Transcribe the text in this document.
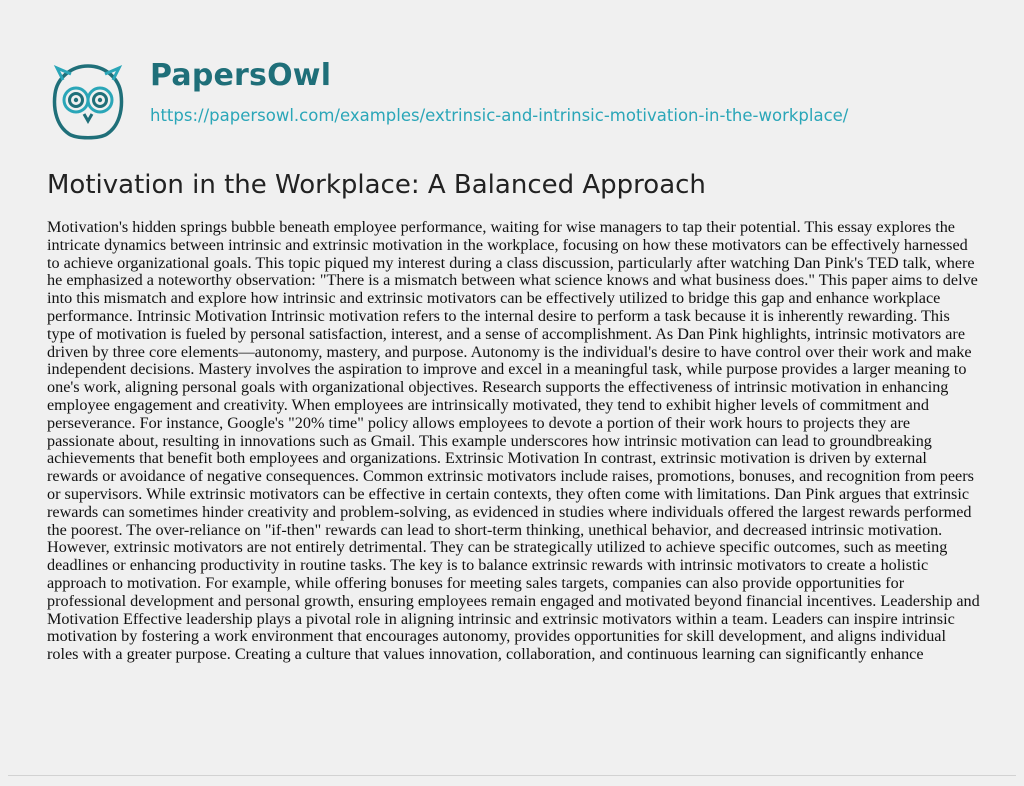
PapersOwl
https://papersowl.com/examples/extrinsic-and-intrinsic-motivation-in-the-workplace/
Motivation in the Workplace: A Balanced Approach

Motivation's hidden springs bubble beneath employee performance, waiting for wise managers to tap their potential. This essay explores the intricate dynamics between intrinsic and extrinsic motivation in the workplace, focusing on how these motivators can be effectively harnessed to achieve organizational goals. This topic piqued my interest during a class discussion, particularly after watching Dan Pink's TED talk, where he emphasized a noteworthy observation: "There is a mismatch between what science knows and what business does." This paper aims to delve into this mismatch and explore how intrinsic and extrinsic motivators can be effectively utilized to bridge this gap and enhance workplace performance. Intrinsic Motivation Intrinsic motivation refers to the internal desire to perform a task because it is inherently rewarding. This type of motivation is fueled by personal satisfaction, interest, and a sense of accomplishment. As Dan Pink highlights, intrinsic motivators are driven by three core elements—autonomy, mastery, and purpose. Autonomy is the individual's desire to have control over their work and make independent decisions. Mastery involves the aspiration to improve and excel in a meaningful task, while purpose provides a larger meaning to one's work, aligning personal goals with organizational objectives. Research supports the effectiveness of intrinsic motivation in enhancing employee engagement and creativity. When employees are intrinsically motivated, they tend to exhibit higher levels of commitment and perseverance. For instance, Google's "20% time" policy allows employees to devote a portion of their work hours to projects they are passionate about, resulting in innovations such as Gmail. This example underscores how intrinsic motivation can lead to groundbreaking achievements that benefit both employees and organizations. Extrinsic Motivation In contrast, extrinsic motivation is driven by external rewards or avoidance of negative consequences. Common extrinsic motivators include raises, promotions, bonuses, and recognition from peers or supervisors. While extrinsic motivators can be effective in certain contexts, they often come with limitations. Dan Pink argues that extrinsic rewards can sometimes hinder creativity and problem-solving, as evidenced in studies where individuals offered the largest rewards performed the poorest. The over-reliance on "if-then" rewards can lead to short-term thinking, unethical behavior, and decreased intrinsic motivation. However, extrinsic motivators are not entirely detrimental. They can be strategically utilized to achieve specific outcomes, such as meeting deadlines or enhancing productivity in routine tasks. The key is to balance extrinsic rewards with intrinsic motivators to create a holistic approach to motivation. For example, while offering bonuses for meeting sales targets, companies can also provide opportunities for professional development and personal growth, ensuring employees remain engaged and motivated beyond financial incentives. Leadership and Motivation Effective leadership plays a pivotal role in aligning intrinsic and extrinsic motivators within a team. Leaders can inspire intrinsic motivation by fostering a work environment that encourages autonomy, provides opportunities for skill development, and aligns individual roles with a greater purpose. Creating a culture that values innovation, collaboration, and continuous learning can significantly enhance
